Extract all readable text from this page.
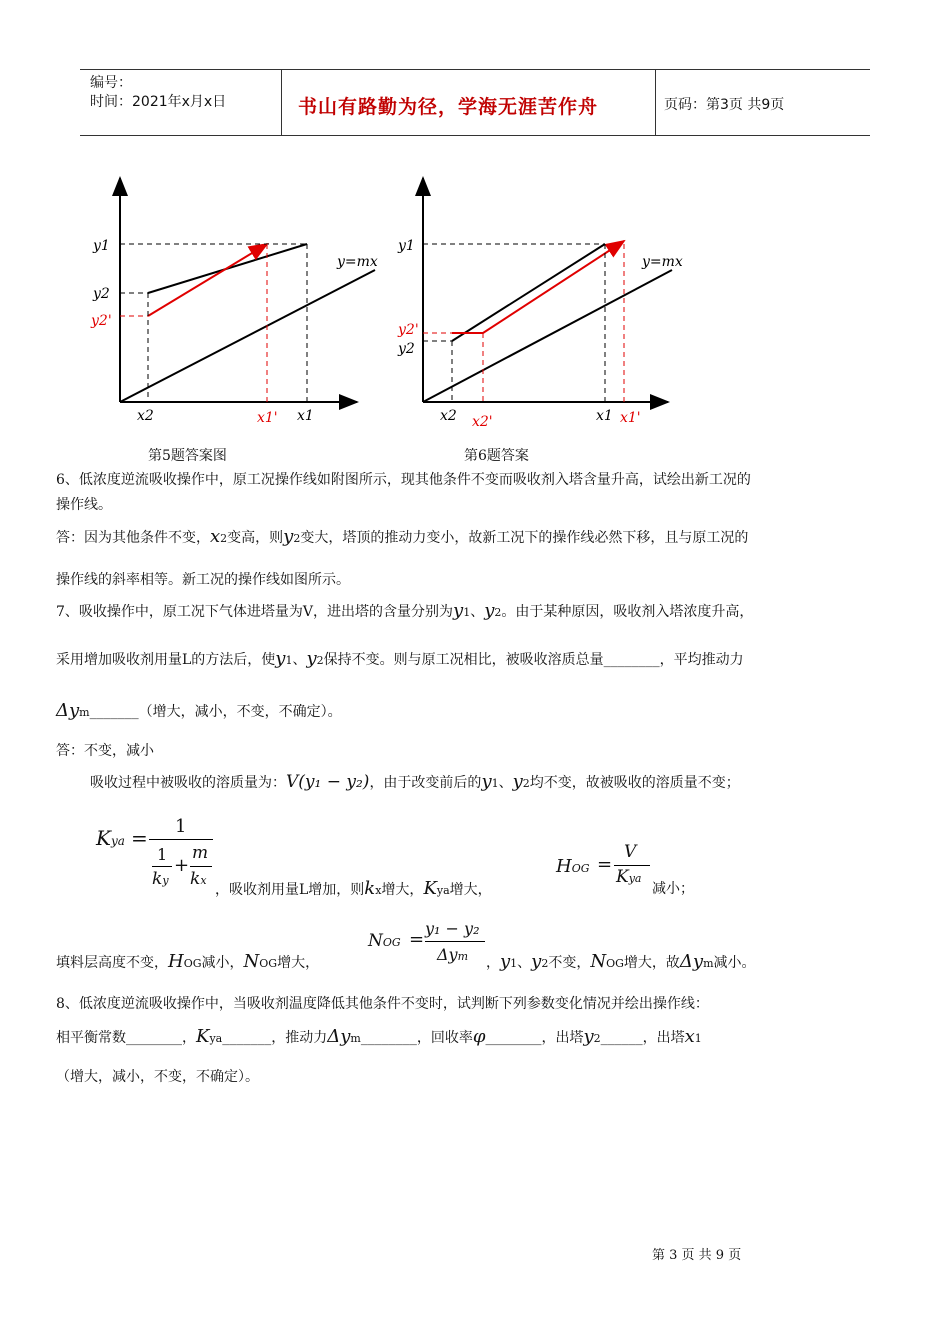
编号：
时间：2021年x月x日	书山有路勤为径，学海无涯苦作舟	页码：第3页 共9页
y1
y2
y2'
x2	x1' x1
y=mx
第5题答案图
y1
y2'
y2
x2 x2'	x1 x1'
y=mx
第6题答案
6、低浓度逆流吸收操作中，原工况操作线如附图所示，现其他条件不变而吸收剂入塔含量升高，试绘出新工况的
操作线。
答：因为其他条件不变，x2变高，则y2变大，塔顶的推动力变小，故新工况下的操作线必然下移，且与原工况的
操作线的斜率相等。新工况的操作线如图所示。
7、吸收操作中，原工况下气体进塔量为V，进出塔的含量分别为y1、y2。由于某种原因，吸收剂入塔浓度升高，
采用增加吸收剂用量L的方法后，使y1、y2保持不变。则与原工况相比，被吸收溶质总量________，平均推动力
Δym_______（增大，减小，不变，不确定）。
答：不变，减小
吸收过程中被吸收的溶质量为：V(y₁ − y₂)，由于改变前后的y1、y2均不变，故被吸收的溶质量不变；
Kya = 1
1
ky
+
m
kx
，吸收剂用量L增加，则kx增大，Kya增大，
HOG =
V
Kya
减小；
NOG =
y₁ − y₂
Δym
填料层高度不变，HOG减小，NOG增大，	，y1、y2不变，NOG增大，故Δym减小。
8、低浓度逆流吸收操作中，当吸收剂温度降低其他条件不变时，试判断下列参数变化情况并绘出操作线：
相平衡常数________，Kya_______，推动力Δym________，回收率φ________，出塔y2______，出塔x1
（增大，减小，不变，不确定）。
第 3 页 共 9 页
